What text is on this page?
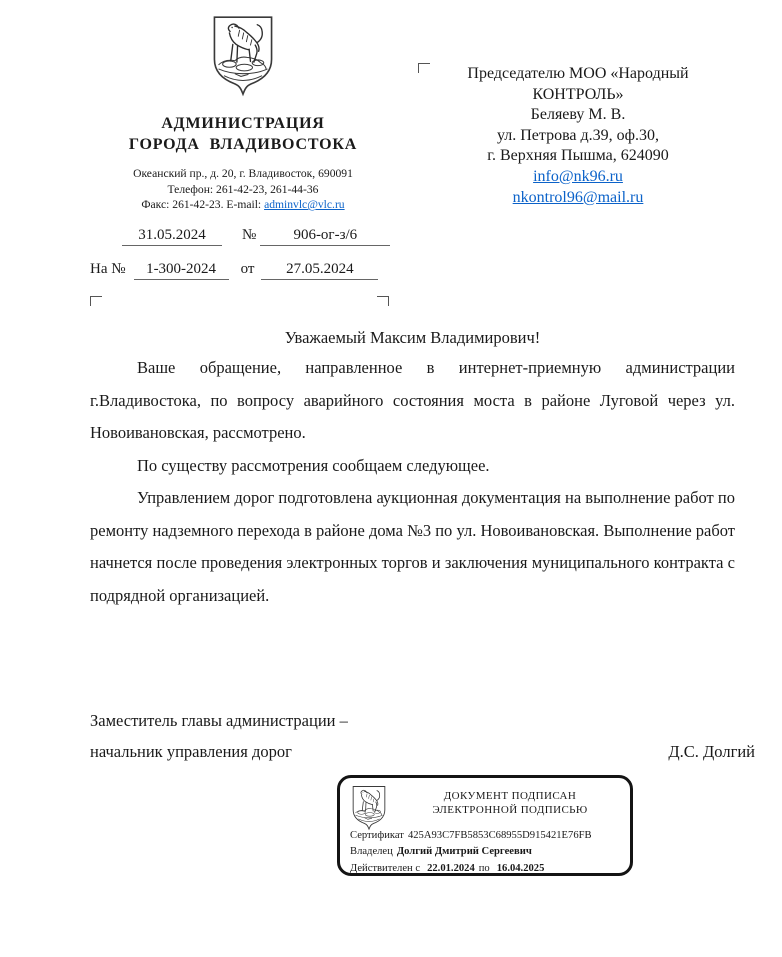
АДМИНИСТРАЦИЯ
ГОРОДА ВЛАДИВОСТОКА
Океанский пр., д. 20, г. Владивосток, 690091
Телефон: 261-42-23, 261-44-36
Факс: 261-42-23. E-mail: adminvlc@vlc.ru
31.05.2024	№	906-ог-з/6
На №	1-300-2024	от	27.05.2024
Председателю МОО «Народный
КОНТРОЛЬ»
Беляеву М. В.
ул. Петрова д.39, оф.30,
г. Верхняя Пышма, 624090
info@nk96.ru
nkontrol96@mail.ru
Уважаемый Максим Владимирович!

Ваше обращение, направленное в интернет-приемную администрации г.Владивостока, по вопросу аварийного состояния моста в районе Луговой через ул. Новоивановская, рассмотрено.

По существу рассмотрения сообщаем следующее.

Управлением дорог подготовлена аукционная документация на выполнение работ по ремонту надземного перехода в районе дома №3 по ул. Новоивановская. Выполнение работ начнется после проведения электронных торгов и заключения муниципального контракта с подрядной организацией.

Заместитель главы администрации –
начальник управления дорог	Д.С. Долгий
ДОКУМЕНТ ПОДПИСАН
ЭЛЕКТРОННОЙ ПОДПИСЬЮ
Сертификат 425A93C7FB5853C68955D915421E76FB
Владелец Долгий Дмитрий Сергеевич
Действителен с 22.01.2024 по 16.04.2025
